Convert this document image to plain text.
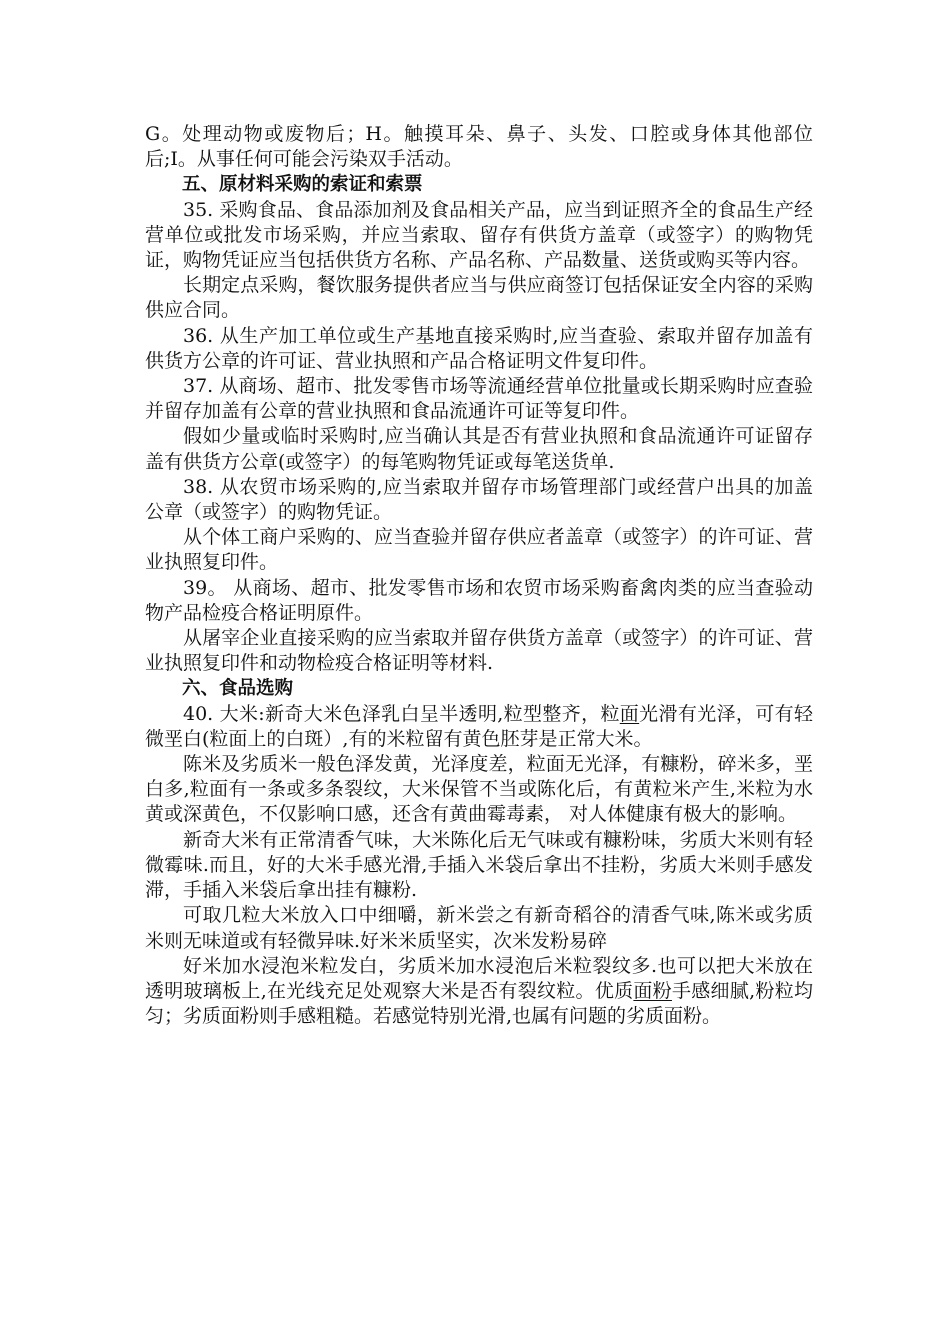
G。处理动物或废物后；H。触摸耳朵、鼻子、头发、口腔或身体其他部位后;I。从事任何可能会污染双手活动。

五、原材料采购的索证和索票

35. 采购食品、食品添加剂及食品相关产品，应当到证照齐全的食品生产经营单位或批发市场采购，并应当索取、留存有供货方盖章（或签字）的购物凭证，购物凭证应当包括供货方名称、产品名称、产品数量、送货或购买等内容。

长期定点采购，餐饮服务提供者应当与供应商签订包括保证安全内容的采购供应合同。

36. 从生产加工单位或生产基地直接采购时,应当查验、索取并留存加盖有供货方公章的许可证、营业执照和产品合格证明文件复印件。

37. 从商场、超市、批发零售市场等流通经营单位批量或长期采购时应查验并留存加盖有公章的营业执照和食品流通许可证等复印件。

假如少量或临时采购时,应当确认其是否有营业执照和食品流通许可证留存盖有供货方公章(或签字）的每笔购物凭证或每笔送货单.

38. 从农贸市场采购的,应当索取并留存市场管理部门或经营户出具的加盖公章（或签字）的购物凭证。

从个体工商户采购的、应当查验并留存供应者盖章（或签字）的许可证、营业执照复印件。

39。 从商场、超市、批发零售市场和农贸市场采购畜禽肉类的应当查验动物产品检疫合格证明原件。

从屠宰企业直接采购的应当索取并留存供货方盖章（或签字）的许可证、营业执照复印件和动物检疫合格证明等材料.

六、食品选购

40. 大米:新奇大米色泽乳白呈半透明,粒型整齐，粒面光滑有光泽，可有轻微垩白(粒面上的白斑）,有的米粒留有黄色胚芽是正常大米。

陈米及劣质米一般色泽发黄，光泽度差，粒面无光泽，有糠粉，碎米多，垩白多,粒面有一条或多条裂纹，大米保管不当或陈化后，有黄粒米产生,米粒为水黄或深黄色，不仅影响口感，还含有黄曲霉毒素， 对人体健康有极大的影响。

新奇大米有正常清香气味，大米陈化后无气味或有糠粉味，劣质大米则有轻微霉味.而且，好的大米手感光滑,手插入米袋后拿出不挂粉，劣质大米则手感发滞，手插入米袋后拿出挂有糠粉.

可取几粒大米放入口中细嚼，新米尝之有新奇稻谷的清香气味,陈米或劣质米则无味道或有轻微异味.好米米质坚实，次米发粉易碎

好米加水浸泡米粒发白，劣质米加水浸泡后米粒裂纹多.也可以把大米放在透明玻璃板上,在光线充足处观察大米是否有裂纹粒。优质面粉手感细腻,粉粒均匀；劣质面粉则手感粗糙。若感觉特别光滑,也属有问题的劣质面粉。
